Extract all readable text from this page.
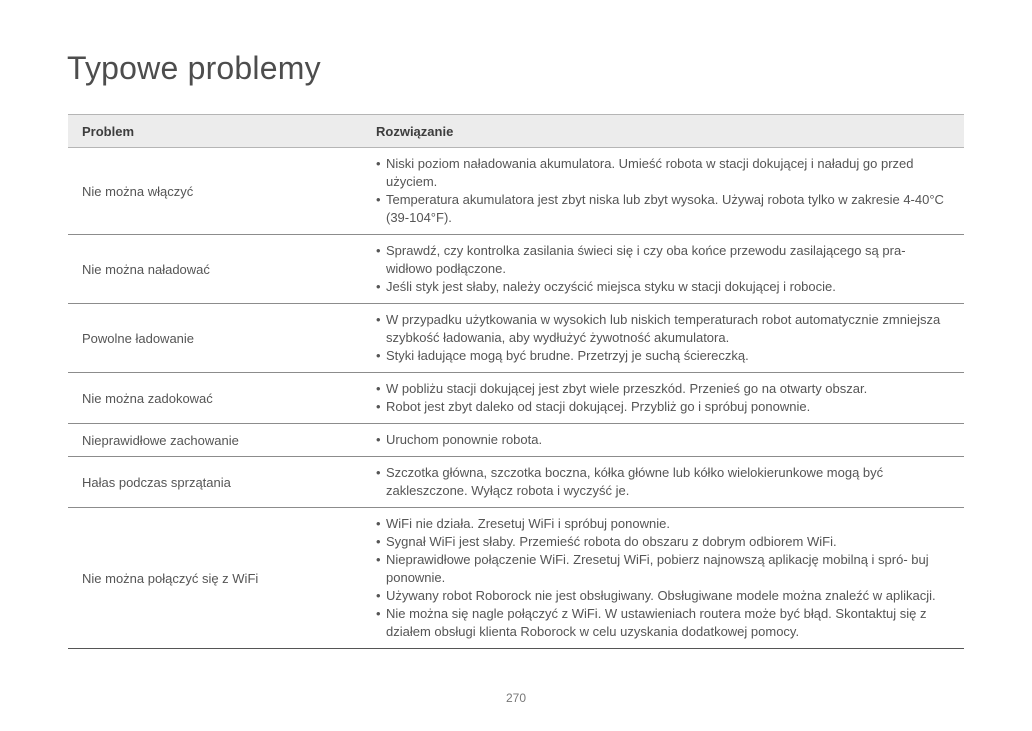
Typowe problemy
Problem	Rozwiązanie
Nie można włączyć
• Niski poziom naładowania akumulatora. Umieść robota w stacji dokującej i naładuj go przed użyciem.
• Temperatura akumulatora jest zbyt niska lub zbyt wysoka. Używaj robota tylko w zakresie 4-40°C (39-104°F).
Nie można naładować
• Sprawdź, czy kontrolka zasilania świeci się i czy oba końce przewodu zasilającego są pra- widłowo podłączone.
• Jeśli styk jest słaby, należy oczyścić miejsca styku w stacji dokującej i robocie.
Powolne ładowanie
• W przypadku użytkowania w wysokich lub niskich temperaturach robot automatycznie zmniejsza szybkość ładowania, aby wydłużyć żywotność akumulatora.
• Styki ładujące mogą być brudne. Przetrzyj je suchą ściereczką.
Nie można zadokować
• W pobliżu stacji dokującej jest zbyt wiele przeszkód. Przenieś go na otwarty obszar.
• Robot jest zbyt daleko od stacji dokującej. Przybliż go i spróbuj ponownie.
Nieprawidłowe zachowanie
•	Uruchom ponownie robota.
Hałas podczas sprzątania
• Szczotka główna, szczotka boczna, kółka główne lub kółko wielokierunkowe mogą być zakleszczone. Wyłącz robota i wyczyść je.
Nie można połączyć się z WiFi
• WiFi nie działa. Zresetuj WiFi i spróbuj ponownie.
• Sygnał WiFi jest słaby. Przemieść robota do obszaru z dobrym odbiorem WiFi.
• Nieprawidłowe połączenie WiFi. Zresetuj WiFi, pobierz najnowszą aplikację mobilną i spró- buj ponownie.
• Używany robot Roborock nie jest obsługiwany. Obsługiwane modele można znaleźć w aplikacji.
• Nie można się nagle połączyć z WiFi. W ustawieniach routera może być błąd. Skontaktuj się z działem obsługi klienta Roborock w celu uzyskania dodatkowej pomocy.
270
